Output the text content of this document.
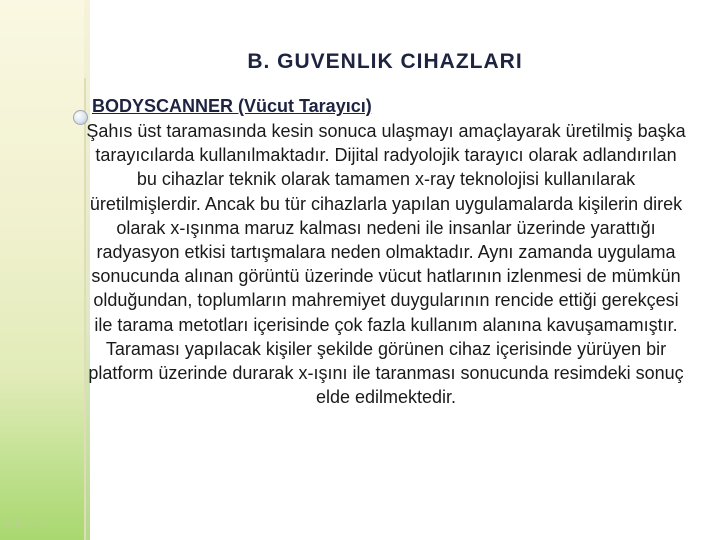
B. GUVENLIK CIHAZLARI
BODYSCANNER (Vücut Tarayıcı)

Şahıs üst taramasında kesin sonuca ulaşmayı amaçlayarak üretilmiş başka tarayıcılarda kullanılmaktadır. Dijital radyolojik tarayıcı olarak adlandırılan bu cihazlar teknik olarak tamamen x-ray teknolojisi kullanılarak üretilmişlerdir. Ancak bu tür cihazlarla yapılan uygulamalarda kişilerin direk olarak x-ışınma maruz kalması nedeni ile insanlar üzerinde yarattığı radyasyon etkisi tartışmalara neden olmaktadır. Aynı zamanda uygulama sonucunda alınan görüntü üzerinde vücut hatlarının izlenmesi de mümkün olduğundan, toplumların mahremiyet duygularının rencide ettiği gerekçesi ile tarama metotları içerisinde çok fazla kullanım alanına kavuşamamıştır.

Taraması yapılacak kişiler şekilde görünen cihaz içerisinde yürüyen bir platform üzerinde durarak x-ışını ile taranması sonucunda resimdeki sonuç elde edilmektedir.

4.12.202
